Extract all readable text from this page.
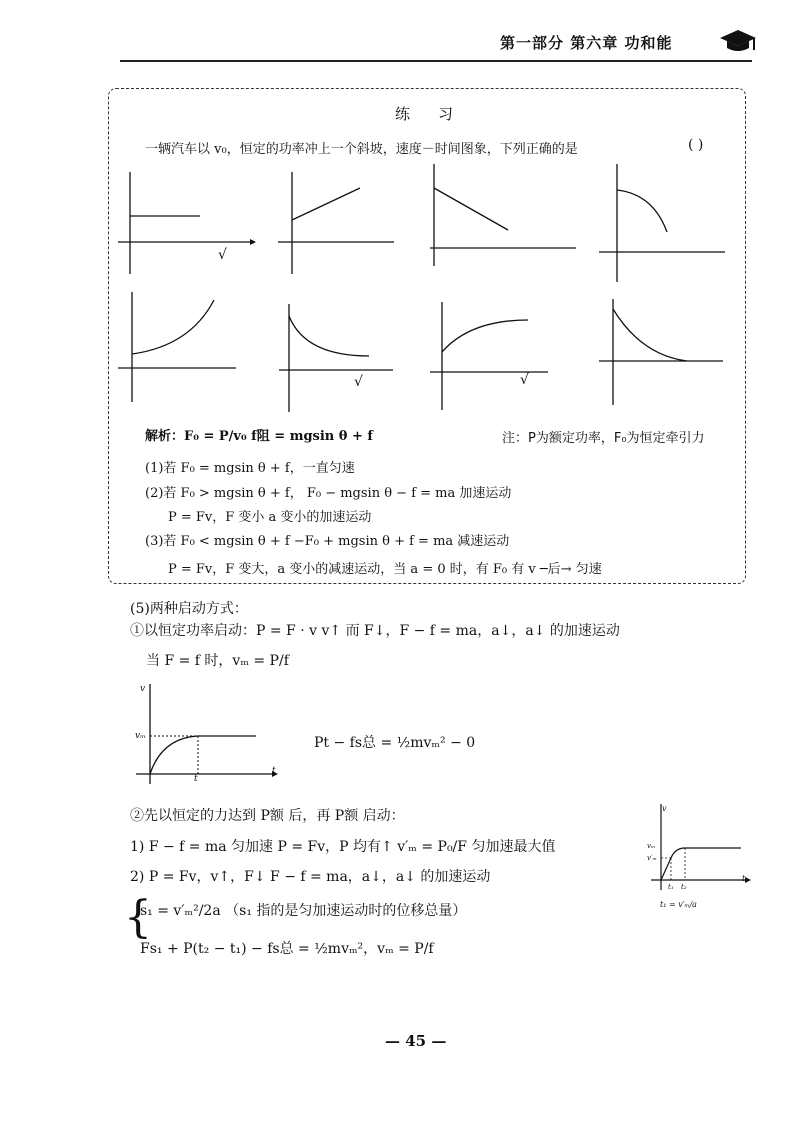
第一部分 第六章 功和能
练习
一辆汽车以 v₀，恒定的功率冲上一个斜坡，速度－时间图象，下列正确的是	( )
√
√	√
解析：F₀ = P/v₀ f阻 = mgsin θ + f	注：P为额定功率，F₀为恒定牵引力
(1)若 F₀ = mgsin θ + f，一直匀速
(2)若 F₀ > mgsin θ + f， F₀ − mgsin θ − f = ma 加速运动
P = Fv，F 变小 a 变小的加速运动
(3)若 F₀ < mgsin θ + f −F₀ + mgsin θ + f = ma 减速运动
P = Fv，F 变大，a 变小的减速运动，当 a = 0 时，有 F₀ 有 v ─后→ 匀速
(5)两种启动方式：
①以恒定功率启动：P = F · v v↑ 而 F↓，F − f = ma，a↓，a↓ 的加速运动
当 F = f 时，vₘ = P/f
v
vₘ
t
t
Pt − fs总 = ½mvₘ² − 0
②先以恒定的力达到 P额 后，再 P额 启动：
1) F − f = ma 匀加速 P = Fv，P 均有↑ v′ₘ = P₀/F 匀加速最大值
2) P = Fv，v↑，F↓ F − f = ma，a↓，a↓ 的加速运动
{
s₁ = v′ₘ²/2a （s₁ 指的是匀加速运动时的位移总量）
Fs₁ + P(t₂ − t₁) − fs总 = ½mvₘ²，vₘ = P/f
v
vₘ
v′ₘ
t₁ t₂
t
t₁ = v′ₘ/a
— 45 —
